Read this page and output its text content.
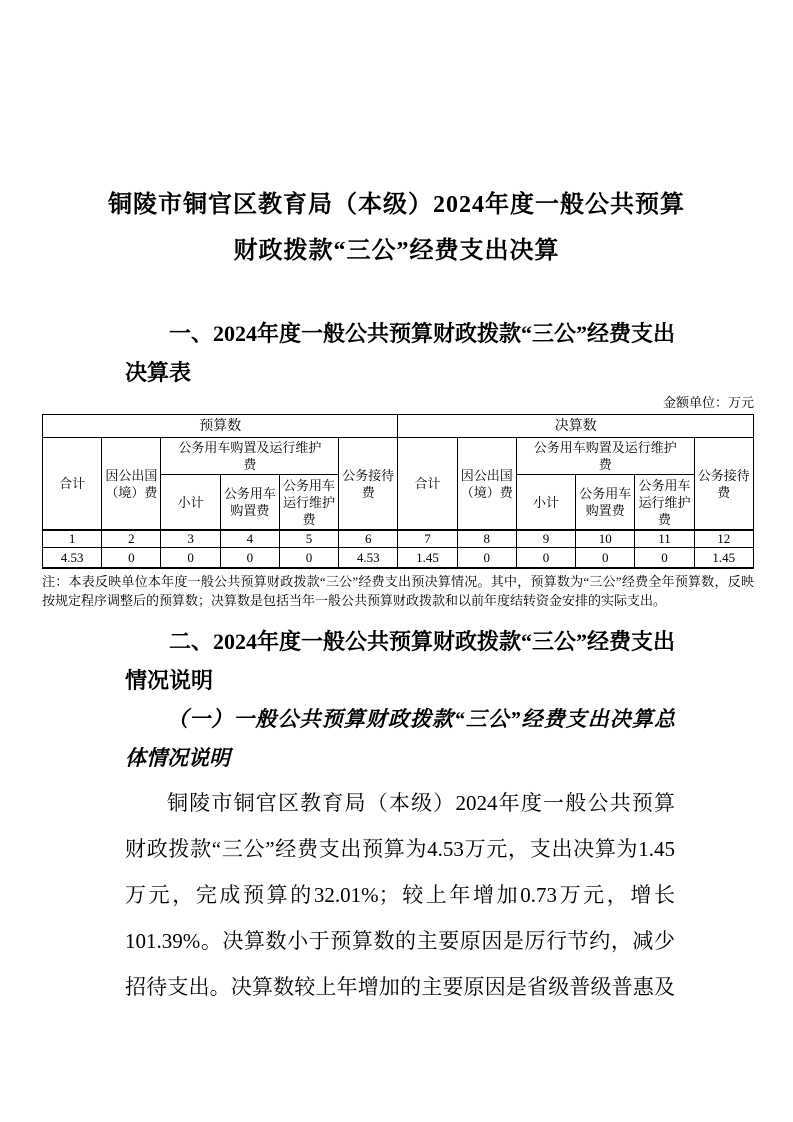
铜陵市铜官区教育局（本级）2024年度一般公共预算
财政拨款“三公”经费支出决算
一、2024年度一般公共预算财政拨款“三公”经费支出
决算表
金额单位：万元
预算数						决算数					
合计	因公出国（境）费	公务用车购置及运行维护费			公务接待费	合计	因公出国（境）费	公务用车购置及运行维护费			公务接待费
		小计	公务用车购置费	公务用车运行维护费				小计	公务用车购置费	公务用车运行维护费	
1	2	3	4	5	6	7	8	9	10	11	12
4.53	0	0	0	0	4.53	1.45	0	0	0	0	1.45
注：本表反映单位本年度一般公共预算财政拨款“三公”经费支出预决算情况。其中，预算数为“三公”经费全年预算数，反映按规定程序调整后的预算数；决算数是包括当年一般公共预算财政拨款和以前年度结转资金安排的实际支出。
二、2024年度一般公共预算财政拨款“三公”经费支出
情况说明
（一）一般公共预算财政拨款“三公”经费支出决算总
体情况说明
铜陵市铜官区教育局（本级）2024年度一般公共预算
财政拨款“三公”经费支出预算为4.53万元，支出决算为1.45
万元，完成预算的32.01%；较上年增加0.73万元，增长
101.39%。决算数小于预算数的主要原因是厉行节约，减少
招待支出。决算数较上年增加的主要原因是省级普级普惠及
